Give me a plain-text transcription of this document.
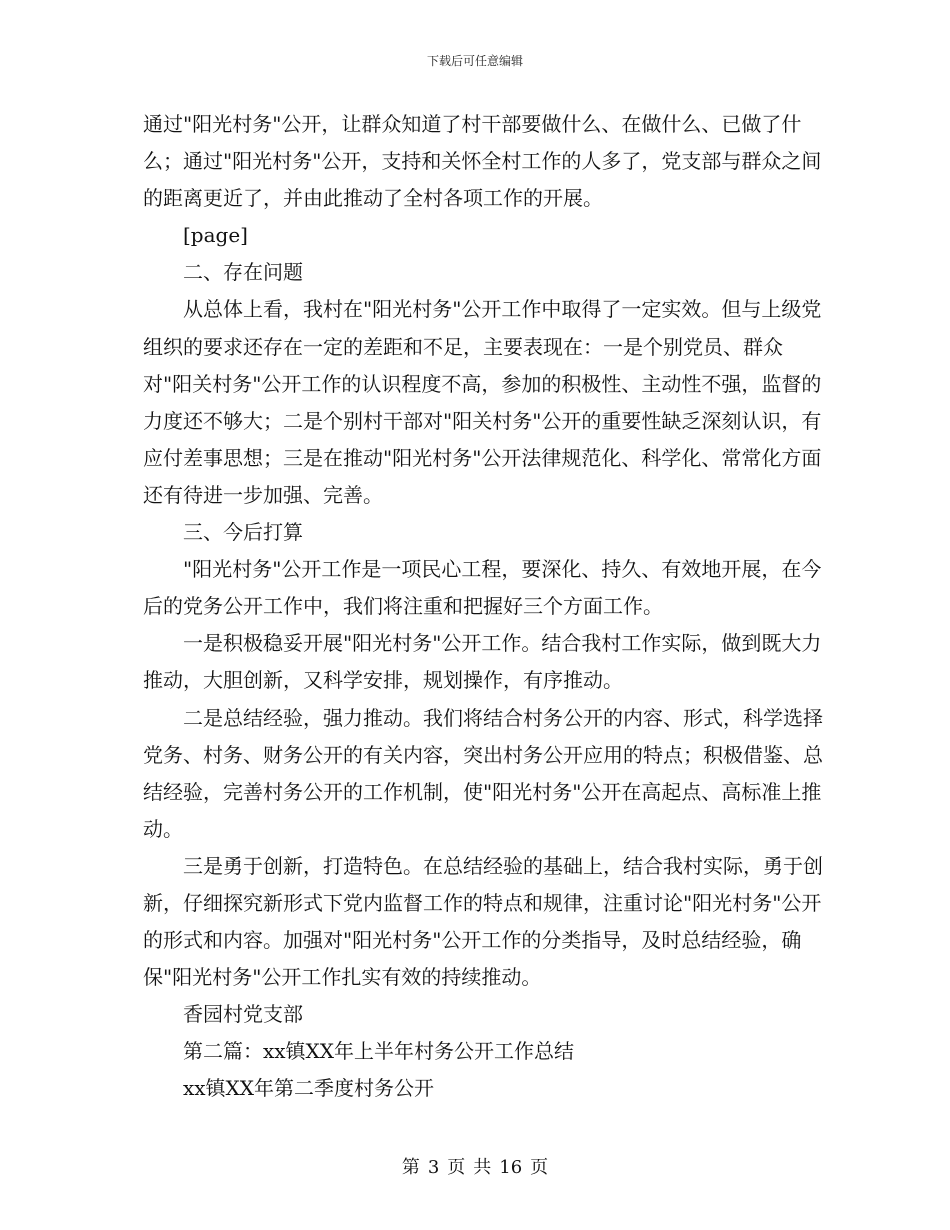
下载后可任意编辑

通过"阳光村务"公开，让群众知道了村干部要做什么、在做什么、已做了什么；通过"阳光村务"公开，支持和关怀全村工作的人多了，党支部与群众之间的距离更近了，并由此推动了全村各项工作的开展。

[page]

二、存在问题

从总体上看，我村在"阳光村务"公开工作中取得了一定实效。但与上级党组织的要求还存在一定的差距和不足，主要表现在：一是个别党员、群众对"阳关村务"公开工作的认识程度不高，参加的积极性、主动性不强，监督的力度还不够大；二是个别村干部对"阳关村务"公开的重要性缺乏深刻认识，有应付差事思想；三是在推动"阳光村务"公开法律规范化、科学化、常常化方面还有待进一步加强、完善。

三、今后打算

"阳光村务"公开工作是一项民心工程，要深化、持久、有效地开展，在今后的党务公开工作中，我们将注重和把握好三个方面工作。

一是积极稳妥开展"阳光村务"公开工作。结合我村工作实际，做到既大力推动，大胆创新，又科学安排，规划操作，有序推动。

二是总结经验，强力推动。我们将结合村务公开的内容、形式，科学选择党务、村务、财务公开的有关内容，突出村务公开应用的特点；积极借鉴、总结经验，完善村务公开的工作机制，使"阳光村务"公开在高起点、高标准上推动。

三是勇于创新，打造特色。在总结经验的基础上，结合我村实际，勇于创新，仔细探究新形式下党内监督工作的特点和规律，注重讨论"阳光村务"公开的形式和内容。加强对"阳光村务"公开工作的分类指导，及时总结经验，确保"阳光村务"公开工作扎实有效的持续推动。

香园村党支部

第二篇：xx镇XX年上半年村务公开工作总结

xx镇XX年第二季度村务公开

第 3 页 共 16 页
